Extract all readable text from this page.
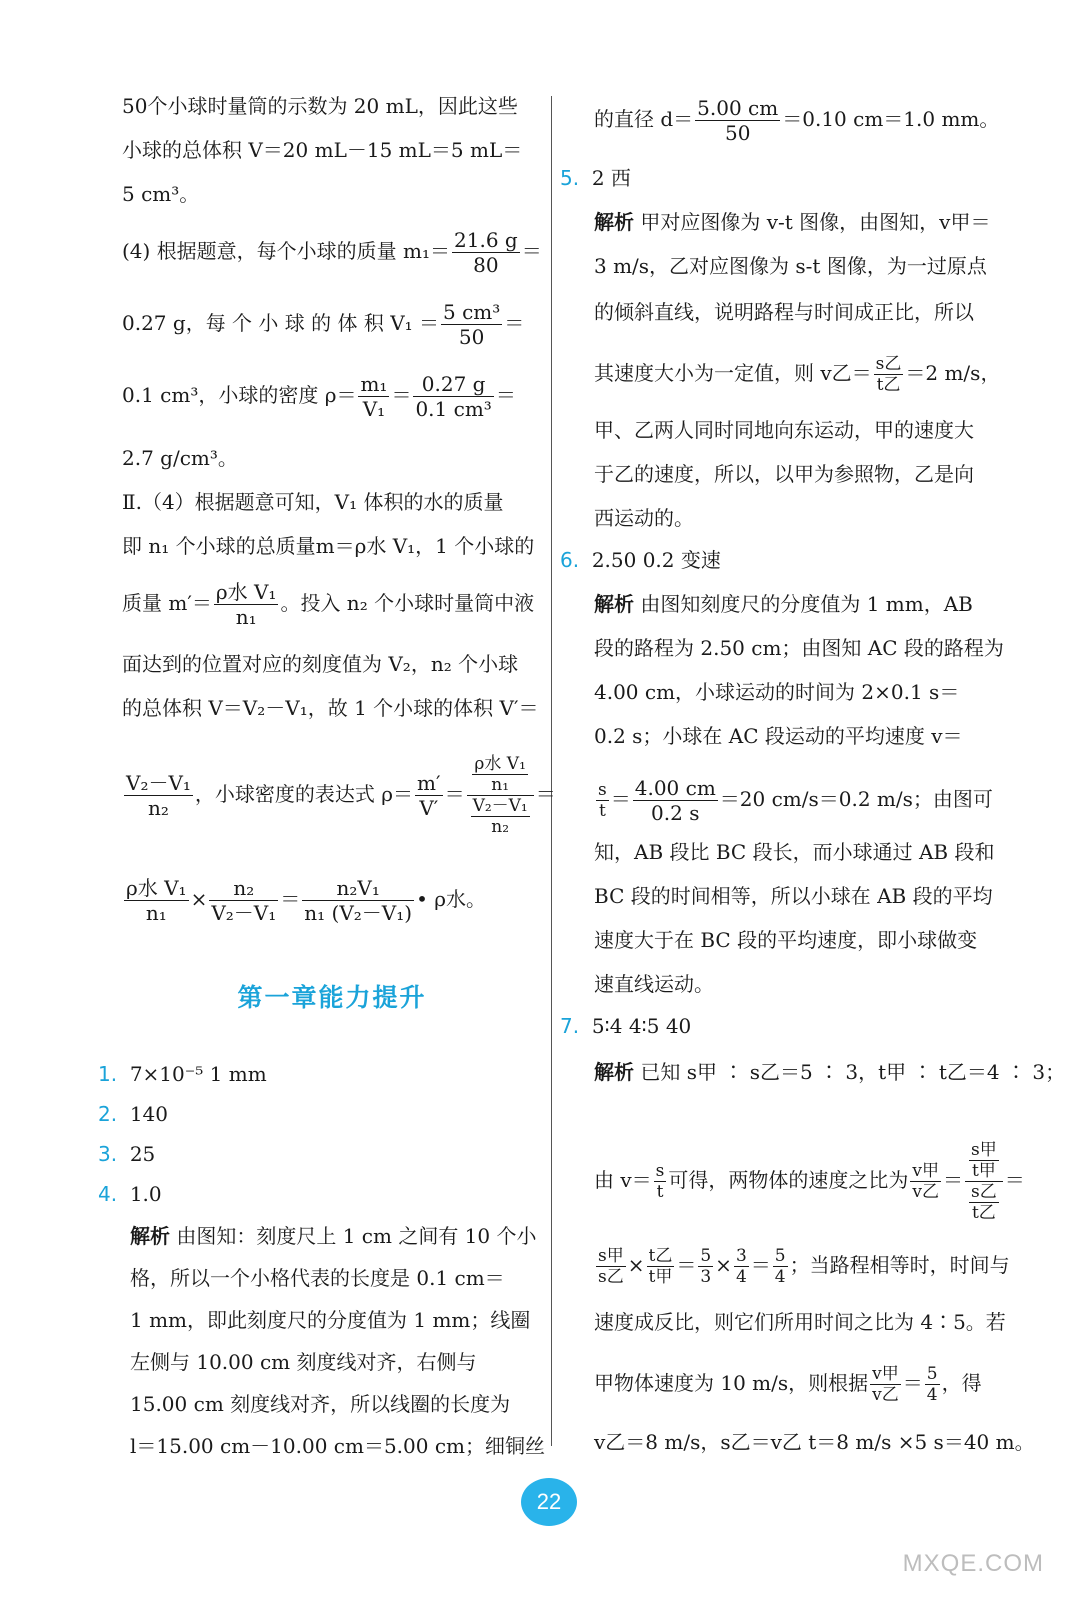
50个小球时量筒的示数为 20 mL，因此这些
小球的总体积 V＝20 mL－15 mL＝5 mL＝
5 cm³。
(4) 根据题意，每个小球的质量 $m_1= \frac{21.6 g}{80}$ ＝
0.27 g，每 个 小 球 的 体 积 $V_1 = \frac{\text{5 cm³}}{50}$ ＝
0.1 cm³，小球的密度 $\rho= \frac{\text{m₁}}{\text{V₁}} = \frac{0.27 g}{\text{0.1 cm³}}$ ＝
2.7 g/cm³。
Ⅱ.（4）根据题意可知，V₁ 体积的水的质量
即 n₁ 个小球的总质量m＝ρ水 V₁，1 个小球的
质量 $m'= \frac{\text{ρ水 V₁}}{\text{n₁}}$ 。投入 n₂ 个小球时量筒中液
面达到的位置对应的刻度值为 V₂，n₂ 个小球
的总体积 V＝V₂－V₁，故 1 个小球的体积 V′＝
$\frac{\text{V₂－V₁}}{\text{n₂}}$ ，小球密度的表达式 $\rho= \frac{m'}{V'} = \frac{\frac{\text{ρ水 V₁}}{\text{n₁}}}{\frac{\text{V₂－V₁}}{\text{n₂}}}$ ＝
$\frac{\text{ρ水 V₁}}{\text{n₁}} \times \frac{\text{n₂}}{\text{V₂－V₁}} = \frac{\text{n₂V₁}}{\text{n₁ (V₂－V₁)}}$ • ρ水。
第一章能力提升
1. 7×10⁻⁵ 1 mm
2. 140
3. 25
4. 1.0
解析 由图知：刻度尺上 1 cm 之间有 10 个小
格，所以一个小格代表的长度是 0.1 cm＝
1 mm，即此刻度尺的分度值为 1 mm；线圈
左侧与 10.00 cm 刻度线对齐，右侧与
15.00 cm 刻度线对齐，所以线圈的长度为
l＝15.00 cm－10.00 cm＝5.00 cm；细铜丝
的直径 $d= \frac{5.00 cm}{50} =0.10$ cm＝1.0 mm。
5. 2 西
解析 甲对应图像为 v-t 图像，由图知，v甲＝
3 m/s，乙对应图像为 s-t 图像，为一过原点
的倾斜直线，说明路程与时间成正比，所以
其速度大小为一定值，则 v乙＝ $\frac{\text{s乙}}{\text{t乙}} =2$ m/s，
甲、乙两人同时同地向东运动，甲的速度大
于乙的速度，所以，以甲为参照物，乙是向
西运动的。
6. 2.50 0.2 变速
解析 由图知刻度尺的分度值为 1 mm，AB
段的路程为 2.50 cm；由图知 AC 段的路程为
4.00 cm，小球运动的时间为 2×0.1 s＝
0.2 s；小球在 AC 段运动的平均速度 v＝
$\frac{s}{t} = \frac{4.00 cm}{0.2 s} =20$ cm/s＝0.2 m/s；由图可
知，AB 段比 BC 段长，而小球通过 AB 段和
BC 段的时间相等，所以小球在 AB 段的平均
速度大于在 BC 段的平均速度，即小球做变
速直线运动。
7. 5∶4 4∶5 40
解析 已知 s甲 ∶ s乙＝5 ∶ 3，t甲 ∶ t乙＝4 ∶ 3；
由 $v= \frac{s}{t}$ 可得，两物体的速度之比为 $\frac{\text{v甲}}{\text{v乙}} = \frac{\frac{\text{s甲}}{\text{t甲}}}{\frac{\text{s乙}}{\text{t乙}}}$ ＝
$\frac{\text{s甲}}{\text{s乙}} \times \frac{\text{t乙}}{\text{t甲}} = \frac{5}{3} \times \frac{3}{4} = \frac{5}{4}$ ；当路程相等时，时间与
速度成反比，则它们所用时间之比为 4∶5。若
甲物体速度为 10 m/s，则根据 $\frac{\text{v甲}}{\text{v乙}} = \frac{5}{4}$ ，得
v乙＝8 m/s，s乙＝v乙 t＝8 m/s ×5 s＝40 m。
22
MXQE.COM
